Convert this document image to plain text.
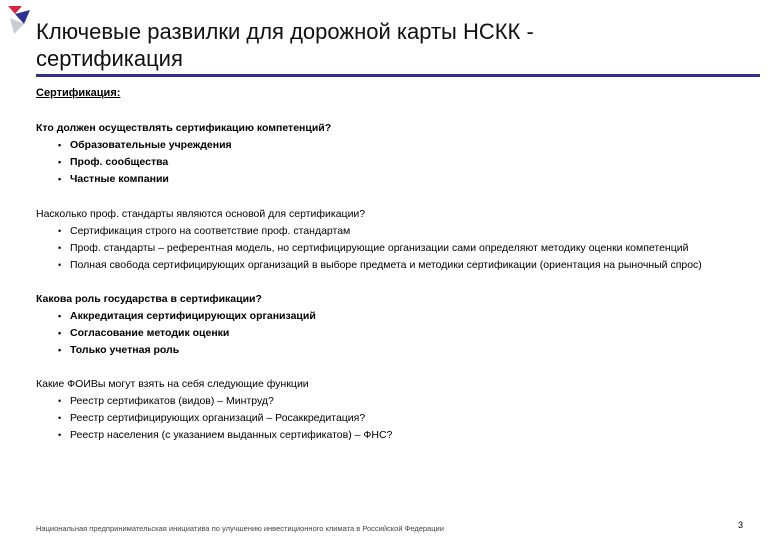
Ключевые развилки для дорожной карты НСКК -
сертификация

Сертификация:

Кто должен осуществлять сертификацию компетенций?

• Образовательные учреждения
• Проф. сообщества
• Частные компании

Насколько проф. стандарты являются основой для сертификации?

• Сертификация строго на соответствие проф. стандартам
• Проф. стандарты – референтная модель, но сертифицирующие организации сами определяют методику оценки компетенций
• Полная свобода сертифицирующих организаций в выборе предмета и методики сертификации (ориентация на рыночный спрос)

Какова роль государства в сертификации?

• Аккредитация сертифицирующих организаций
• Согласование методик оценки
• Только учетная роль

Какие ФОИВы могут взять на себя следующие функции

• Реестр сертификатов (видов) – Минтруд?
• Реестр сертифицирующих организаций – Росаккредитация?
• Реестр населения (с указанием выданных сертификатов) – ФНС?
Национальная предпринимательская инициатива по улучшению инвестиционного климата в Российской Федерации	3
